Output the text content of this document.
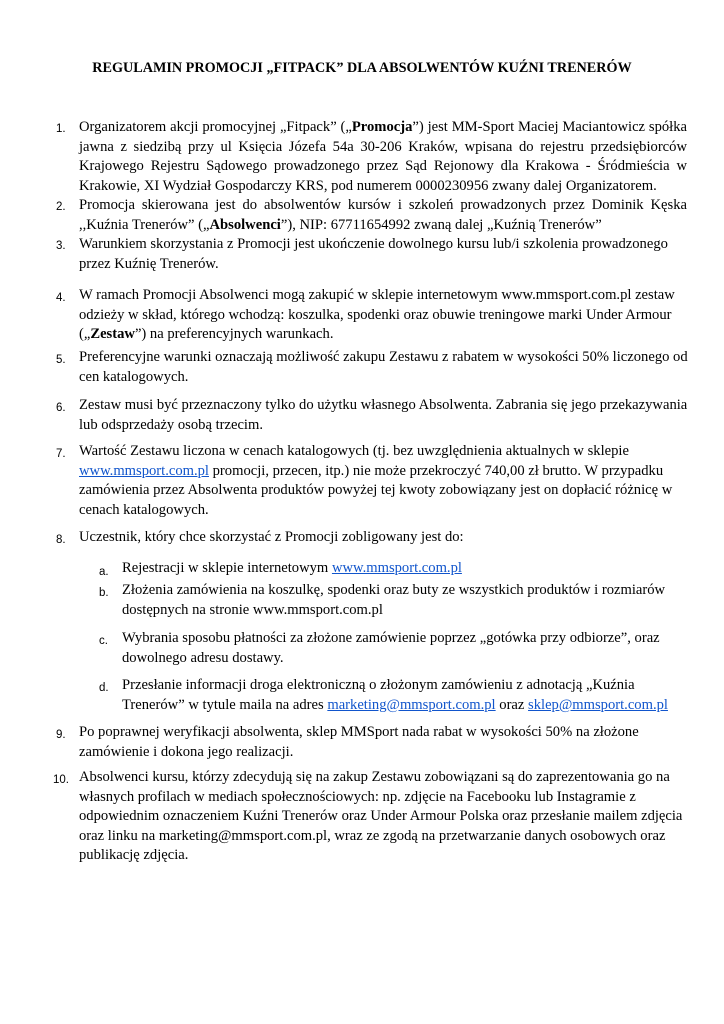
REGULAMIN PROMOCJI „FITPACK” DLA ABSOLWENTÓW KUŹNI TRENERÓW
1. Organizatorem akcji promocyjnej „Fitpack” („Promocja”) jest MM-Sport Maciej Maciantowicz spółka jawna z siedzibą przy ul Księcia Józefa 54a 30-206 Kraków, wpisana do rejestru przedsiębiorców Krajowego Rejestru Sądowego prowadzonego przez Sąd Rejonowy dla Krakowa - Śródmieścia w Krakowie, XI Wydział Gospodarczy KRS, pod numerem 0000230956 zwany dalej Organizatorem.
2. Promocja skierowana jest do absolwentów kursów i szkoleń prowadzonych przez Dominik Kęska ,,Kuźnia Trenerów” („Absolwenci”), NIP: 67711654992 zwaną dalej „Kuźnią Trenerów”
3. Warunkiem skorzystania z Promocji jest ukończenie dowolnego kursu lub/i szkolenia prowadzonego przez Kuźnię Trenerów.
4. W ramach Promocji Absolwenci mogą zakupić w sklepie internetowym www.mmsport.com.pl zestaw odzieży w skład, którego wchodzą: koszulka, spodenki oraz obuwie treningowe marki Under Armour („Zestaw”) na preferencyjnych warunkach.
5. Preferencyjne warunki oznaczają możliwość zakupu Zestawu z rabatem w wysokości 50% liczonego od cen katalogowych.
6. Zestaw musi być przeznaczony tylko do użytku własnego Absolwenta. Zabrania się jego przekazywania lub odsprzedaży osobą trzecim.
7. Wartość Zestawu liczona w cenach katalogowych (tj. bez uwzględnienia aktualnych w sklepie www.mmsport.com.pl promocji, przecen, itp.) nie może przekroczyć 740,00 zł brutto. W przypadku zamówienia przez Absolwenta produktów powyżej tej kwoty zobowiązany jest on dopłacić różnicę w cenach katalogowych.
8. Uczestnik, który chce skorzystać z Promocji zobligowany jest do:
a. Rejestracji w sklepie internetowym www.mmsport.com.pl
b. Złożenia zamówienia na koszulkę, spodenki oraz buty ze wszystkich produktów i rozmiarów dostępnych na stronie www.mmsport.com.pl
c. Wybrania sposobu płatności za złożone zamówienie poprzez „gotówka przy odbiorze”, oraz dowolnego adresu dostawy.
d. Przesłanie informacji droga elektroniczną o złożonym zamówieniu z adnotacją „Kuźnia Trenerów” w tytule maila na adres marketing@mmsport.com.pl oraz sklep@mmsport.com.pl
9. Po poprawnej weryfikacji absolwenta, sklep MMSport nada rabat w wysokości 50% na złożone zamówienie i dokona jego realizacji.
10. Absolwenci kursu, którzy zdecydują się na zakup Zestawu zobowiązani są do zaprezentowania go na własnych profilach w mediach społecznościowych: np. zdjęcie na Facebooku lub Instagramie z odpowiednim oznaczeniem Kuźni Trenerów oraz Under Armour Polska oraz przesłanie mailem zdjęcia oraz linku na marketing@mmsport.com.pl, wraz ze zgodą na przetwarzanie danych osobowych oraz publikację zdjęcia.
